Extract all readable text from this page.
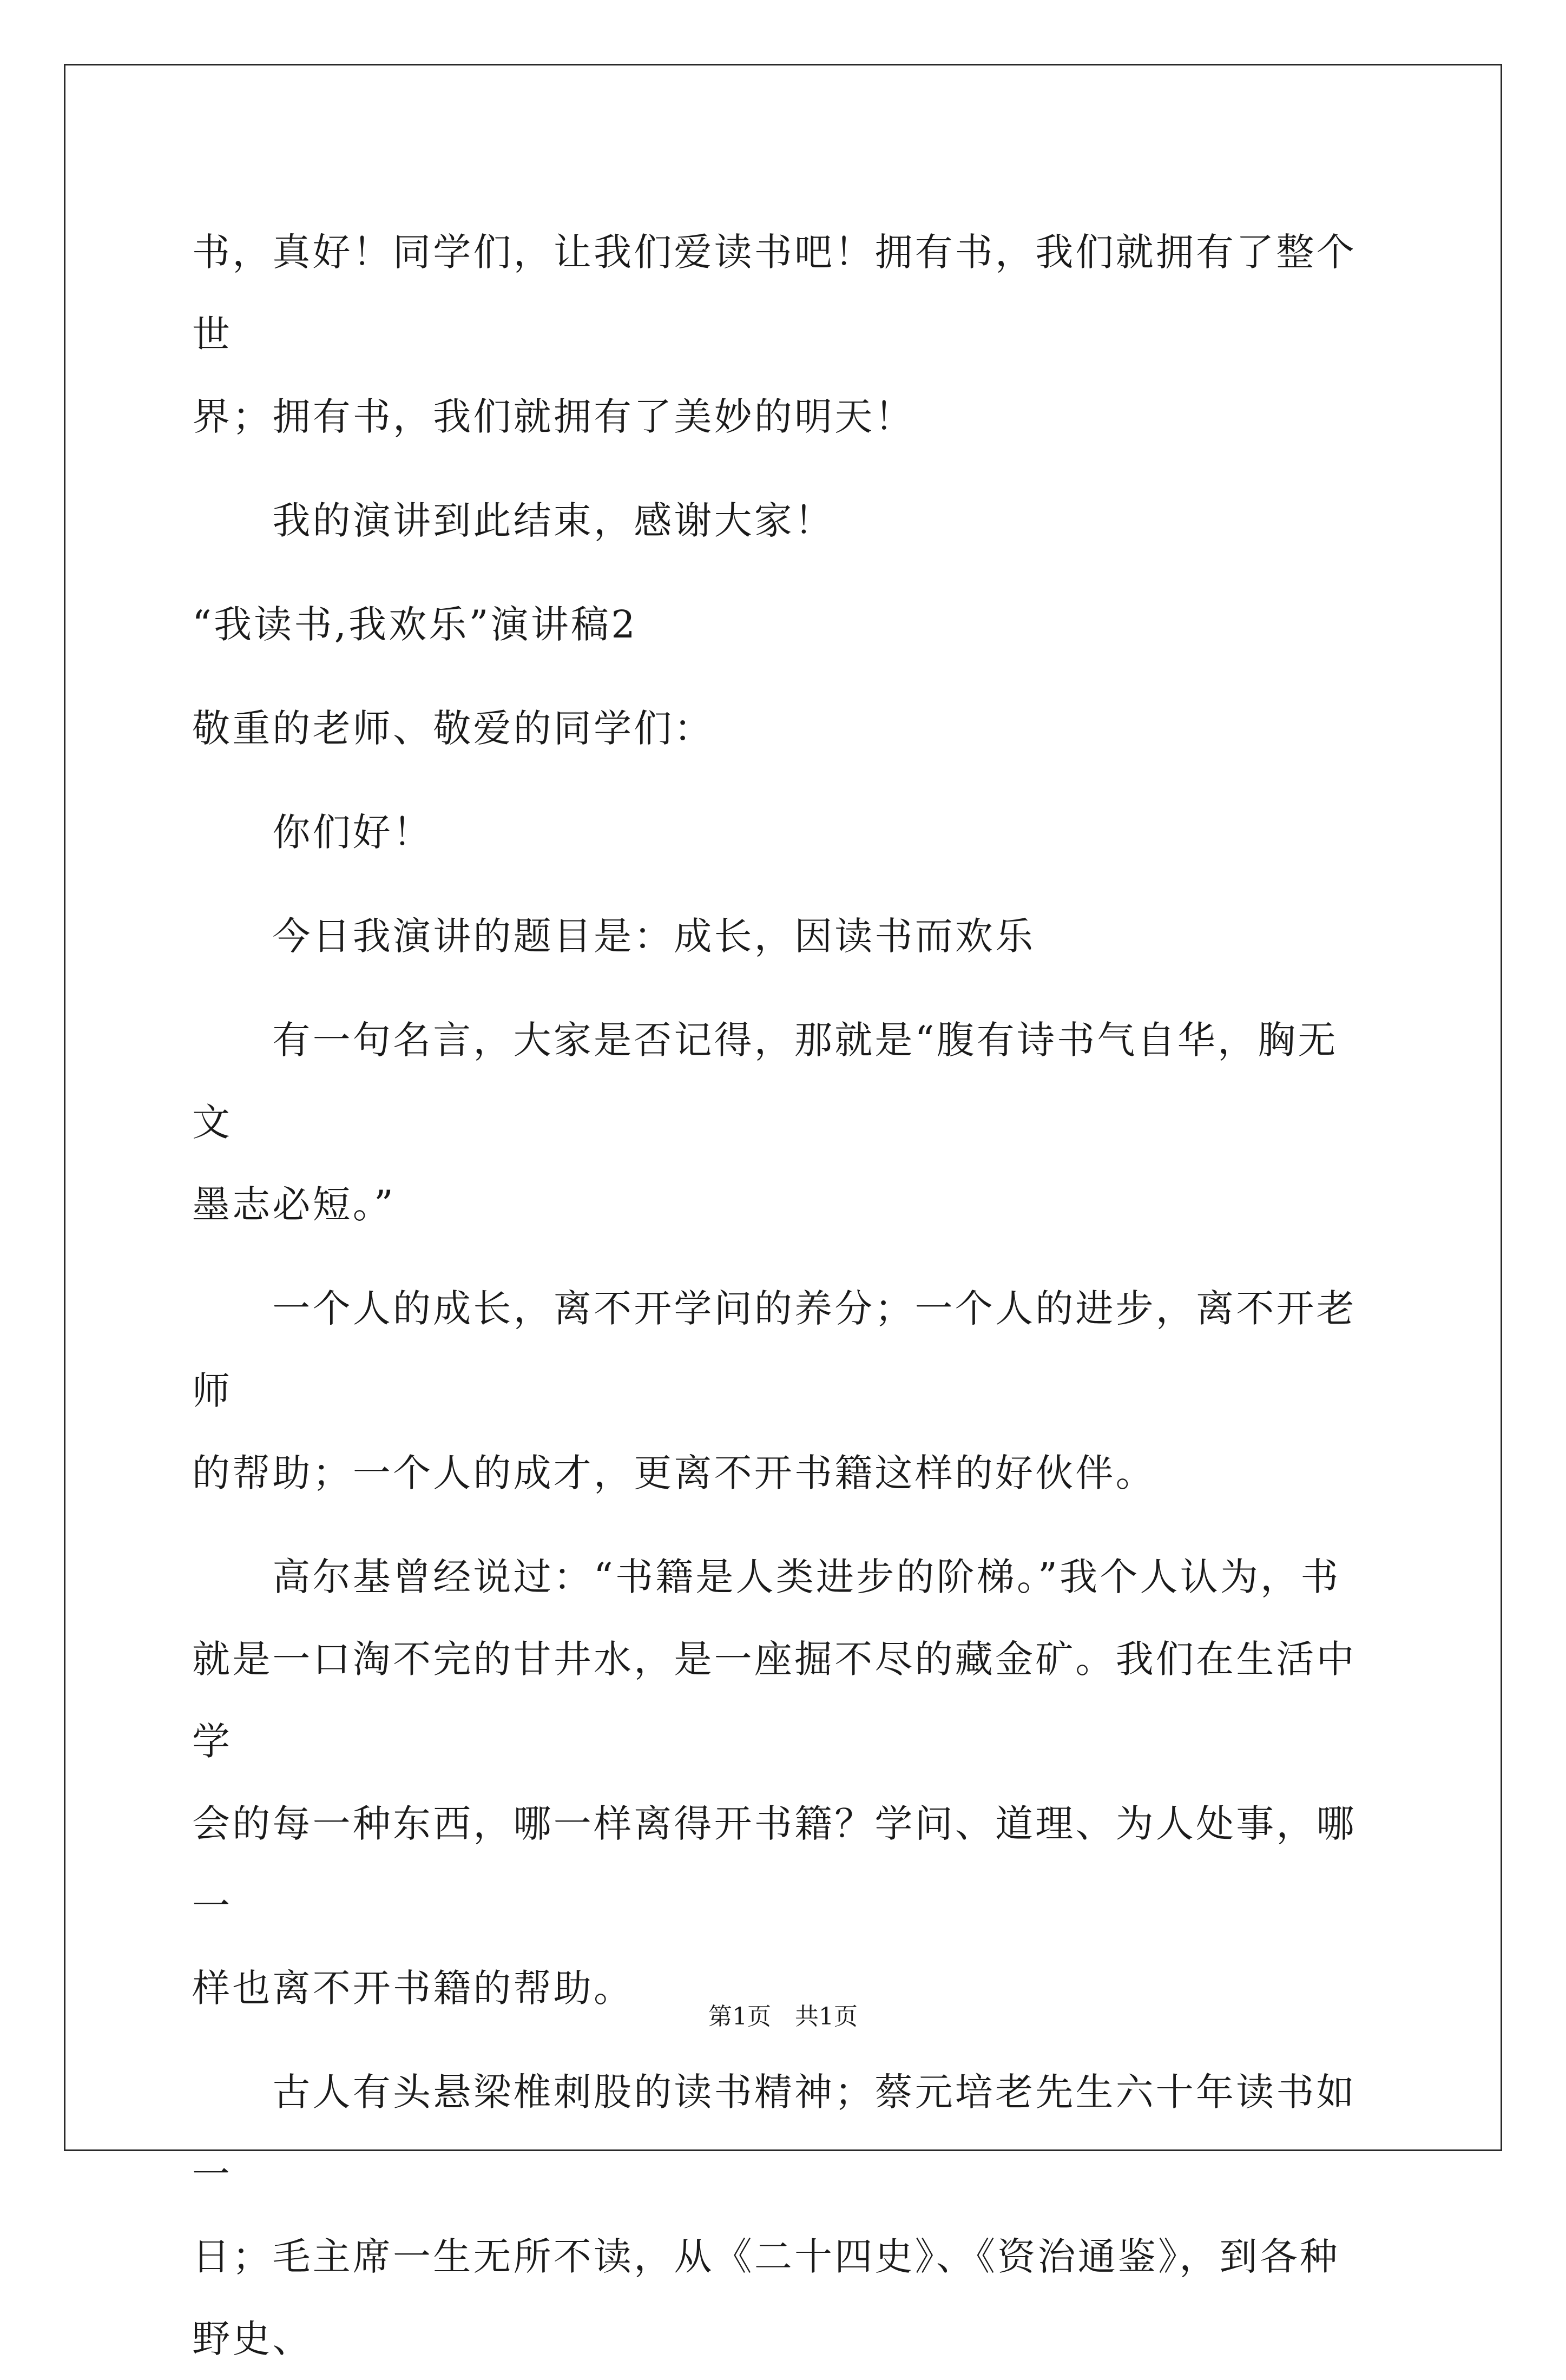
书，真好！同学们，让我们爱读书吧！拥有书，我们就拥有了整个世

界；拥有书，我们就拥有了美妙的明天！

我的演讲到此结束，感谢大家！

“我读书,我欢乐”演讲稿2

敬重的老师、敬爱的同学们：

你们好！

今日我演讲的题目是：成长，因读书而欢乐

有一句名言，大家是否记得，那就是“腹有诗书气自华，胸无文

墨志必短。”

一个人的成长，离不开学问的养分；一个人的进步，离不开老师

的帮助；一个人的成才，更离不开书籍这样的好伙伴。

高尔基曾经说过：“书籍是人类进步的阶梯。”我个人认为，书

就是一口淘不完的甘井水，是一座掘不尽的藏金矿。我们在生活中学

会的每一种东西，哪一样离得开书籍？学问、道理、为人处事，哪一

样也离不开书籍的帮助。

古人有头悬梁椎刺股的读书精神；蔡元培老先生六十年读书如一

日；毛主席一生无所不读，从《二十四史》、《资治通鉴》，到各种野史、

第1页　共1页
